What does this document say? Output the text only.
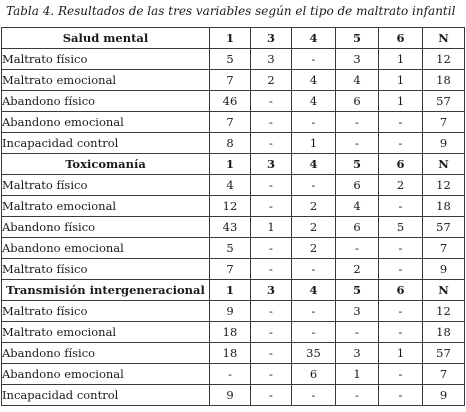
Tabla 4. Resultados de las tres variables según el tipo de maltrato infantil
Salud mental	1	3	4	5	6	N
Maltrato físico	5	3	-	3	1	12
Maltrato emocional	7	2	4	4	1	18
Abandono físico	46	-	4	6	1	57
Abandono emocional	7	-	-	-	-	7
Incapacidad control	8	-	1	-	-	9
Toxicomanía	1	3	4	5	6	N
Maltrato físico	4	-	-	6	2	12
Maltrato emocional	12	-	2	4	-	18
Abandono físico	43	1	2	6	5	57
Abandono emocional	5	-	2	-	-	7
Maltrato físico	7	-	-	2	-	9
Transmisión intergeneracional	1	3	4	5	6	N
Maltrato físico	9	-	-	3	-	12
Maltrato emocional	18	-	-	-	-	18
Abandono físico	18	-	35	3	1	57
Abandono emocional	-	-	6	1	-	7
Incapacidad control	9	-	-	-	-	9
